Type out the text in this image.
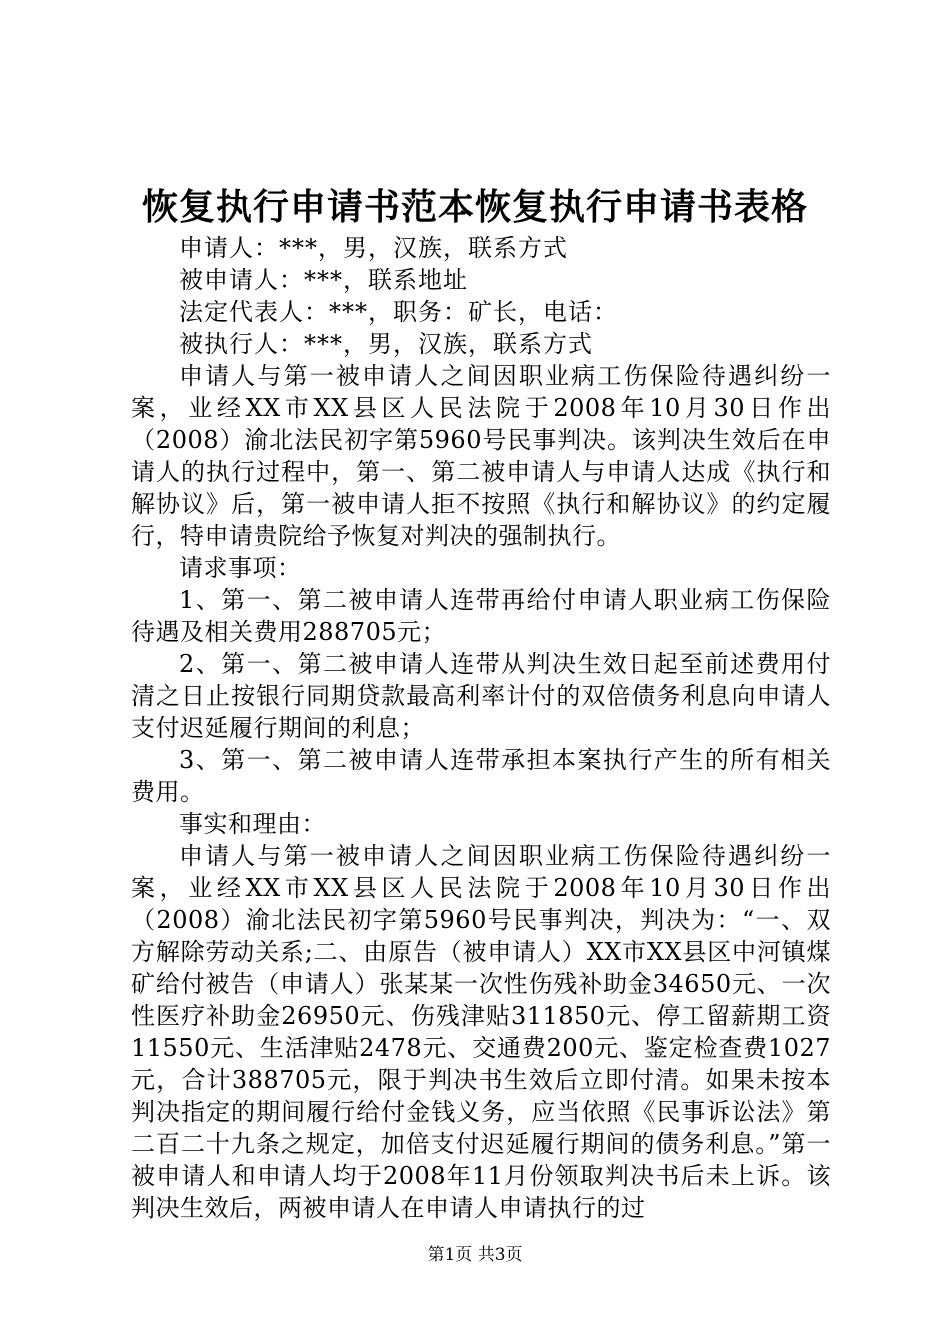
恢复执行申请书范本恢复执行申请书表格

申请人：***，男，汉族，联系方式

被申请人：***，联系地址

法定代表人：***，职务：矿长，电话：

被执行人：***，男，汉族，联系方式

申请人与第一被申请人之间因职业病工伤保险待遇纠纷一案，业经XX市XX县区人民法院于2008年10月30日作出（2008）渝北法民初字第5960号民事判决。该判决生效后在申请人的执行过程中，第一、第二被申请人与申请人达成《执行和解协议》后，第一被申请人拒不按照《执行和解协议》的约定履行，特申请贵院给予恢复对判决的强制执行。

请求事项：

1、第一、第二被申请人连带再给付申请人职业病工伤保险待遇及相关费用288705元；

2、第一、第二被申请人连带从判决生效日起至前述费用付清之日止按银行同期贷款最高利率计付的双倍债务利息向申请人支付迟延履行期间的利息；

3、第一、第二被申请人连带承担本案执行产生的所有相关费用。

事实和理由：

申请人与第一被申请人之间因职业病工伤保险待遇纠纷一案，业经XX市XX县区人民法院于2008年10月30日作出（2008）渝北法民初字第5960号民事判决，判决为：“一、双方解除劳动关系;二、由原告（被申请人）XX市XX县区中河镇煤矿给付被告（申请人）张某某一次性伤残补助金34650元、一次性医疗补助金26950元、伤残津贴311850元、停工留薪期工资11550元、生活津贴2478元、交通费200元、鉴定检查费1027元，合计388705元，限于判决书生效后立即付清。如果未按本判决指定的期间履行给付金钱义务，应当依照《民事诉讼法》第二百二十九条之规定，加倍支付迟延履行期间的债务利息。”第一被申请人和申请人均于2008年11月份领取判决书后未上诉。该判决生效后，两被申请人在申请人申请执行的过

第1页 共3页
